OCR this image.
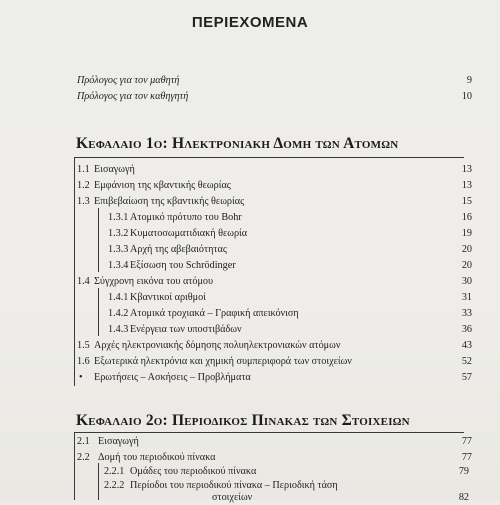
ΠΕΡΙΕΧΟΜΕΝΑ
Πρόλογος για τον μαθητή	9
Πρόλογος για τον καθηγητή	10
Κεφαλαιο 1ο: Ηλεκτρονιακη Δομη των Ατομων
1.1 Εισαγωγή	13
1.2 Εμφάνιση της κβαντικής θεωρίας	13
1.3 Επιβεβαίωση της κβαντικής θεωρίας	15
1.3.1 Ατομικό πρότυπο του Bohr	16
1.3.2 Κυματοσωματιδιακή θεωρία	19
1.3.3 Αρχή της αβεβαιότητας	20
1.3.4 Εξίσωση του Schrödinger	20
1.4 Σύγχρονη εικόνα του ατόμου	30
1.4.1 Κβαντικοί αριθμοί	31
1.4.2 Ατομικά τροχιακά – Γραφική απεικόνιση	33
1.4.3 Ενέργεια των υποστιβάδων	36
1.5 Αρχές ηλεκτρονιακής δόμησης πολυηλεκτρονιακών ατόμων	43
1.6 Εξωτερικά ηλεκτρόνια και χημική συμπεριφορά των στοιχείων	52
• Ερωτήσεις – Ασκήσεις – Προβλήματα	57
Κεφαλαιο 2ο: Περιοδικος Πινακας των Στοιχειων
2.1 Εισαγωγή	77
2.2 Δομή του περιοδικού πίνακα	77
2.2.1 Ομάδες του περιοδικού πίνακα	79
2.2.2 Περίοδοι του περιοδικού πίνακα – Περιοδική τάση
στοιχείων	82
